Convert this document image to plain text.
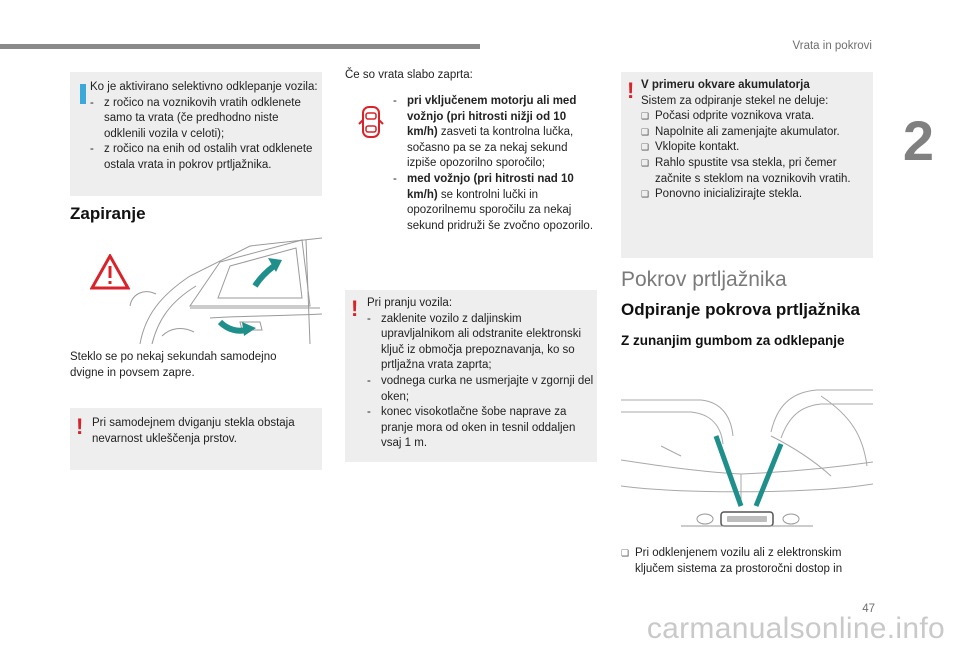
Vrata in pokrovi
2
Ko je aktivirano selektivno odklepanje vozila:
- z ročico na voznikovih vratih odklenete samo ta vrata (če predhodno niste odklenili vozila v celoti);
- z ročico na enih od ostalih vrat odklenete ostala vrata in pokrov prtljažnika.
Zapiranje
Steklo se po nekaj sekundah samodejno dvigne in povsem zapre.
! Pri samodejnem dviganju stekla obstaja nevarnost ukleščenja prstov.
Če so vrata slabo zaprta:
- pri vključenem motorju ali med vožnjo (pri hitrosti nižji od 10 km/h) zasveti ta kontrolna lučka, sočasno pa se za nekaj sekund izpiše opozorilno sporočilo;
- med vožnjo (pri hitrosti nad 10 km/h) se kontrolni lučki in opozorilnemu sporočilu za nekaj sekund pridruži še zvočno opozorilo.
! Pri pranju vozila:
- zaklenite vozilo z daljinskim upravljalnikom ali odstranite elektronski ključ iz območja prepoznavanja, ko so prtljažna vrata zaprta;
- vodnega curka ne usmerjajte v zgornji del oken;
- konec visokotlačne šobe naprave za pranje mora od oken in tesnil oddaljen vsaj 1 m.
! V primeru okvare akumulatorja
Sistem za odpiranje stekel ne deluje:
❑ Počasi odprite voznikova vrata.
❑ Napolnite ali zamenjajte akumulator.
❑ Vklopite kontakt.
❑ Rahlo spustite vsa stekla, pri čemer začnite s steklom na voznikovih vratih.
❑ Ponovno inicializirajte stekla.
Pokrov prtljažnika
Odpiranje pokrova prtljažnika
Z zunanjim gumbom za odklepanje
❑ Pri odklenjenem vozilu ali z elektronskim ključem sistema za prostoročni dostop in
47
carmanualsonline.info
